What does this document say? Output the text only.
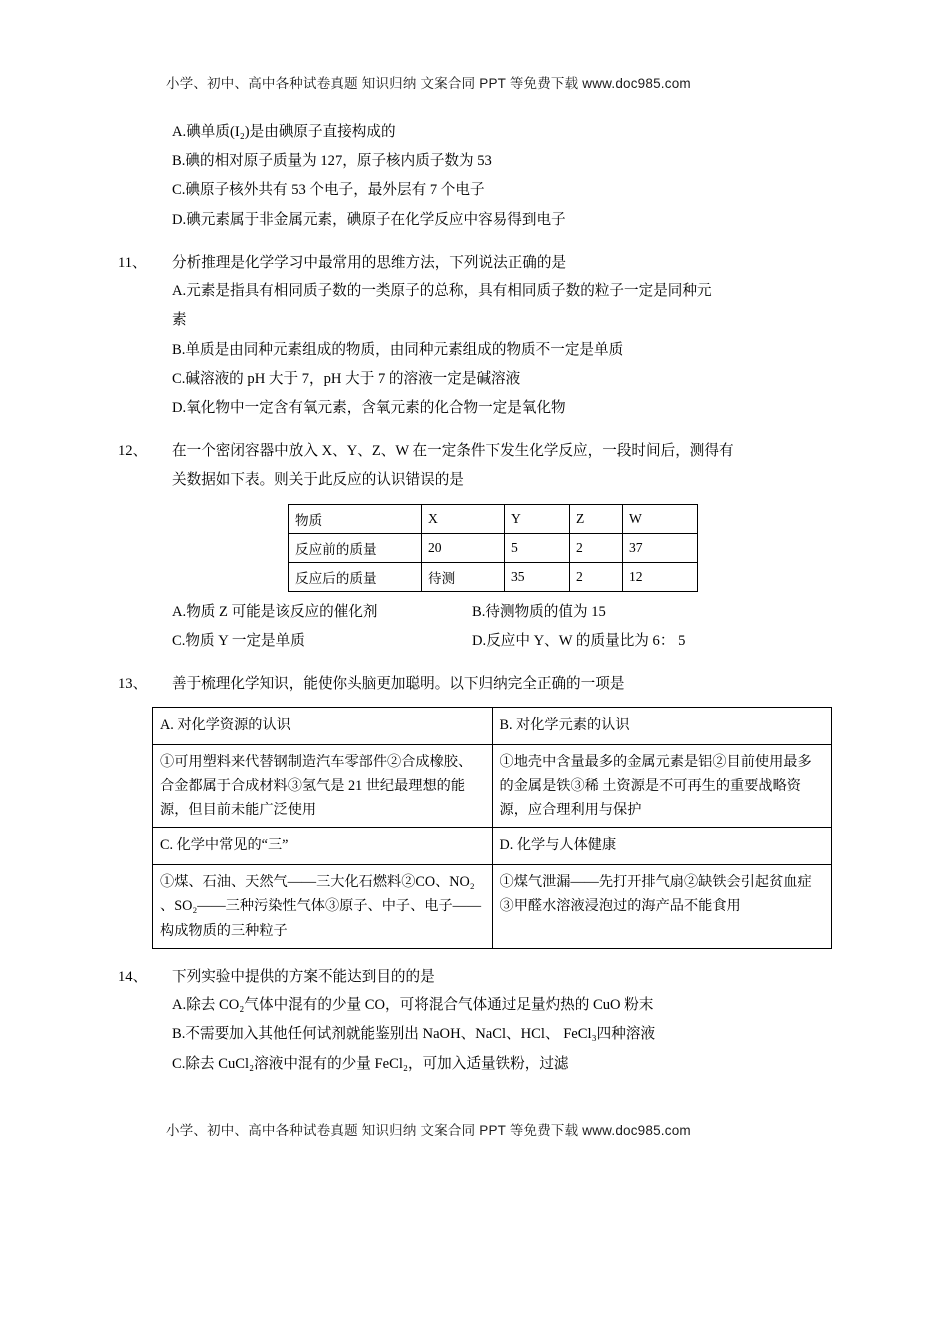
小学、初中、高中各种试卷真题 知识归纳 文案合同 PPT 等免费下载 www.doc985.com
A.碘单质(I₂)是由碘原子直接构成的
B.碘的相对原子质量为 127，原子核内质子数为 53
C.碘原子核外共有 53 个电子，最外层有 7 个电子
D.碘元素属于非金属元素，碘原子在化学反应中容易得到电子
11、	分析推理是化学学习中最常用的思维方法，下列说法正确的是
A.元素是指具有相同质子数的一类原子的总称，具有相同质子数的粒子一定是同种元
素
B.单质是由同种元素组成的物质，由同种元素组成的物质不一定是单质
C.碱溶液的 pH 大于 7，pH 大于 7 的溶液一定是碱溶液
D.氧化物中一定含有氧元素，含氧元素的化合物一定是氧化物
12、	在一个密闭容器中放入 X、Y、Z、W 在一定条件下发生化学反应，一段时间后，测得有
关数据如下表。则关于此反应的认识错误的是
物质	X	Y	Z	W
反应前的质量	20	5	2	37
反应后的质量	待测	35	2	12
A.物质 Z 可能是该反应的催化剂	B.待测物质的值为 15
C.物质 Y 一定是单质	D.反应中 Y、W 的质量比为 6： 5
13、	善于梳理化学知识，能使你头脑更加聪明。以下归纳完全正确的一项是
A. 对化学资源的认识	B. 对化学元素的认识
①可用塑料来代替钢制造汽车零部件②合成橡胶、合金都属于合成材料③氢气是 21 世纪最理想的能源，但目前未能广泛使用	①地壳中含量最多的金属元素是铝②目前使用最多的金属是铁③稀 土资源是不可再生的重要战略资源，应合理利用与保护
C. 化学中常见的“三”	D. 化学与人体健康
①煤、石油、天然气——三大化石燃料②CO、NO₂ 、SO₂——三种污染性气体③原子、中子、电子——构成物质的三种粒子	①煤气泄漏——先打开排气扇②缺铁会引起贫血症③甲醛水溶液浸泡过的海产品不能食用
14、	下列实验中提供的方案不能达到目的的是
A.除去 CO₂气体中混有的少量 CO，可将混合气体通过足量灼热的 CuO 粉末
B.不需要加入其他任何试剂就能鉴别出 NaOH、NaCl、HCl、 FeCl₃四种溶液
C.除去 CuCl₂溶液中混有的少量 FeCl₂，可加入适量铁粉，过滤
小学、初中、高中各种试卷真题 知识归纳 文案合同 PPT 等免费下载 www.doc985.com
